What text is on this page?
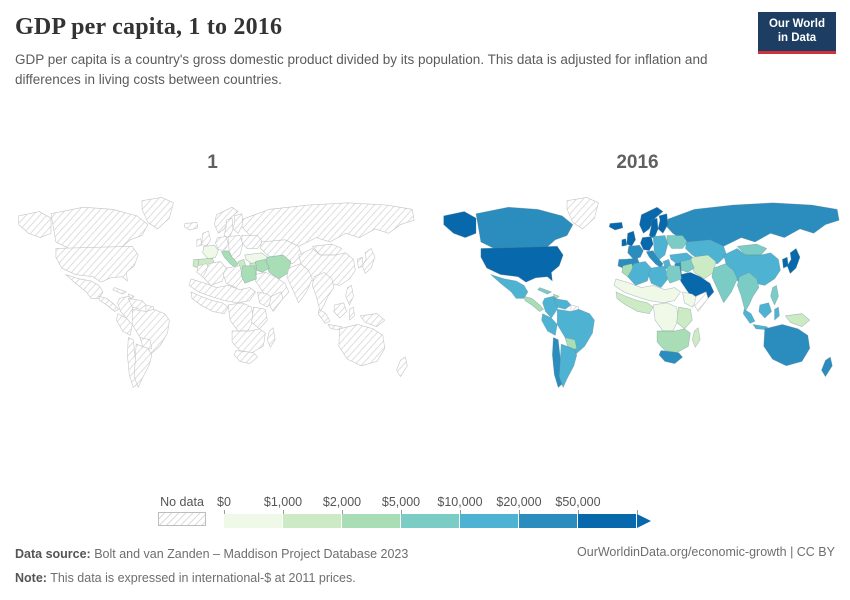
GDP per capita, 1 to 2016

GDP per capita is a country's gross domestic product divided by its population. This data is adjusted for inflation and differences in living costs between countries.

Our World
in Data
1	2016
No data $0	$1,000 $2,000 $5,000 $10,000 $20,000 $50,000

Data source: Bolt and van Zanden – Maddison Project Database 2023

Note: This data is expressed in international-$ at 2011 prices.

OurWorldinData.org/economic-growth | CC BY
